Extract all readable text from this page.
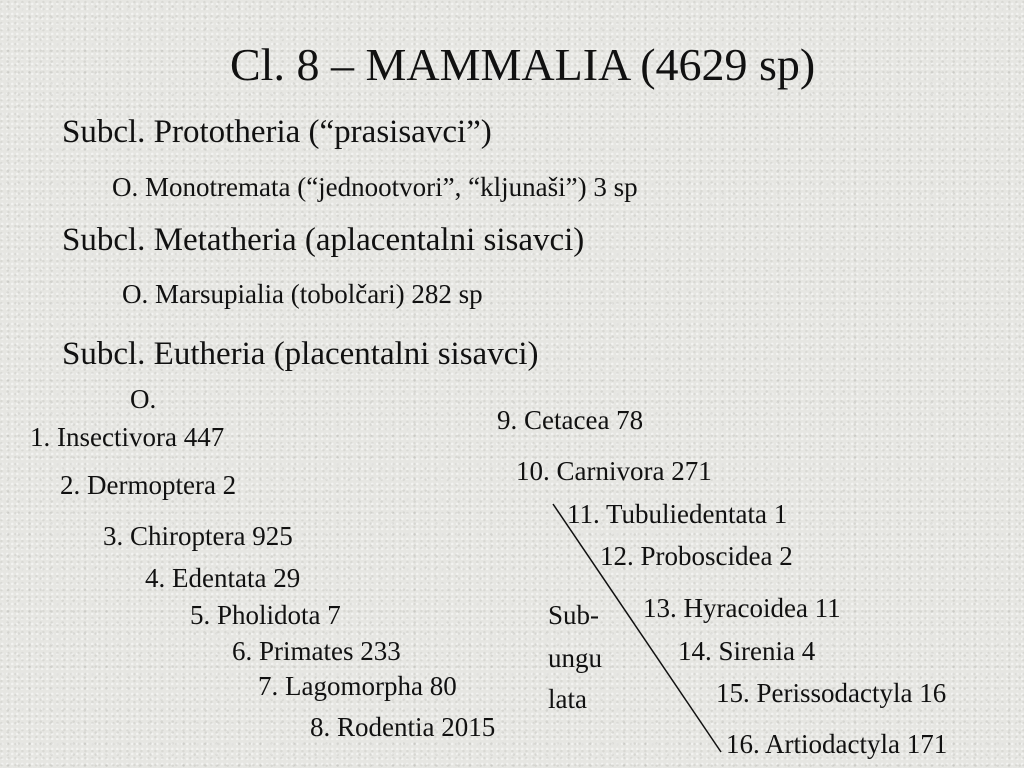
Cl. 8 – MAMMALIA (4629 sp)
Subcl. Prototheria (“prasisavci”)
O. Monotremata (“jednootvori”, “kljunaši”) 3 sp
Subcl. Metatheria (aplacentalni sisavci)
O. Marsupialia (tobolčari) 282 sp
Subcl. Eutheria (placentalni sisavci)
O.
1. Insectivora 447
2. Dermoptera 2
3. Chiroptera 925
4. Edentata 29
5. Pholidota 7
6. Primates 233
7. Lagomorpha 80
8. Rodentia 2015
9. Cetacea 78
10. Carnivora 271
11. Tubuliedentata 1
12. Proboscidea 2
13. Hyracoidea 11
14. Sirenia 4
15. Perissodactyla 16
16. Artiodactyla 171
Sub-
ungu
lata
